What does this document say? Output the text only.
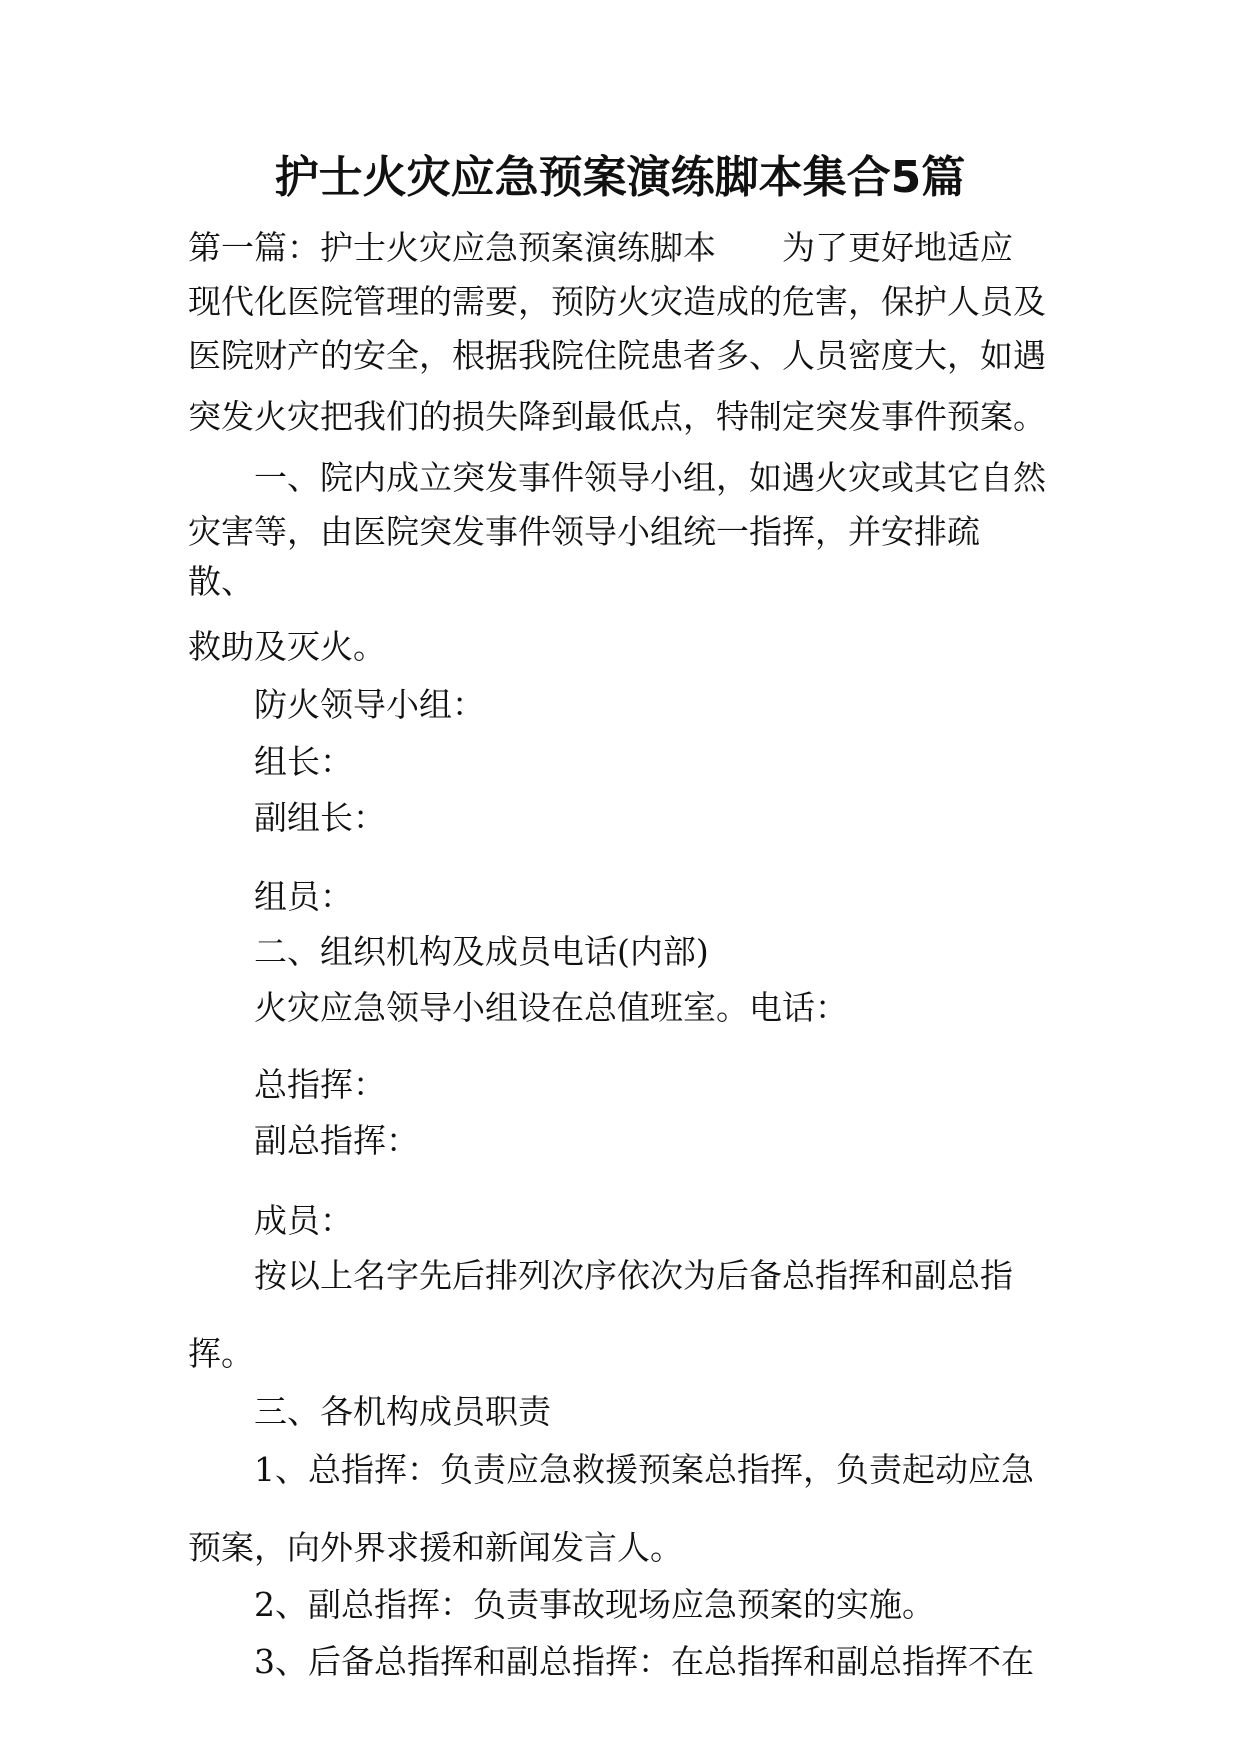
护士火灾应急预案演练脚本集合5篇
第一篇：护士火灾应急预案演练脚本　　为了更好地适应
现代化医院管理的需要，预防火灾造成的危害，保护人员及
医院财产的安全，根据我院住院患者多、人员密度大，如遇
突发火灾把我们的损失降到最低点，特制定突发事件预案。
一、院内成立突发事件领导小组，如遇火灾或其它自然
灾害等，由医院突发事件领导小组统一指挥，并安排疏
散、
救助及灭火。
防火领导小组：
组长：
副组长：
组员：
二、组织机构及成员电话(内部)
火灾应急领导小组设在总值班室。电话：
总指挥：
副总指挥：
成员：
按以上名字先后排列次序依次为后备总指挥和副总指
挥。
三、各机构成员职责
1、总指挥：负责应急救援预案总指挥，负责起动应急
预案，向外界求援和新闻发言人。
2、副总指挥：负责事故现场应急预案的实施。
3、后备总指挥和副总指挥：在总指挥和副总指挥不在
